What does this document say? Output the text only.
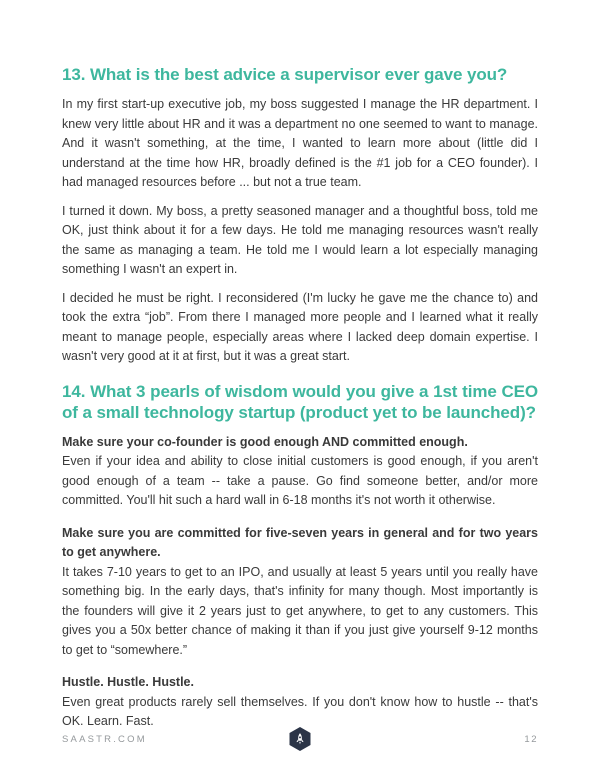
13. What is the best advice a supervisor ever gave you?

In my first start-up executive job, my boss suggested I manage the HR department. I knew very little about HR and it was a department no one seemed to want to manage. And it wasn't something, at the time, I wanted to learn more about (little did I understand at the time how HR, broadly defined is the #1 job for a CEO founder). I had managed resources before ... but not a true team.

I turned it down. My boss, a pretty seasoned manager and a thoughtful boss, told me OK, just think about it for a few days. He told me managing resources wasn't really the same as managing a team. He told me I would learn a lot especially managing something I wasn't an expert in.

I decided he must be right. I reconsidered (I'm lucky he gave me the chance to) and took the extra “job”. From there I managed more people and I learned what it really meant to manage people, especially areas where I lacked deep domain expertise. I wasn't very good at it at first, but it was a great start.

14. What 3 pearls of wisdom would you give a 1st time CEO of a small technology startup (product yet to be launched)?
Make sure your co-founder is good enough AND committed enough.
Even if your idea and ability to close initial customers is good enough, if you aren't good enough of a team -- take a pause. Go find someone better, and/or more committed. You'll hit such a hard wall in 6-18 months it's not worth it otherwise.
Make sure you are committed for five-seven years in general and for two years to get anywhere.
It takes 7-10 years to get to an IPO, and usually at least 5 years until you really have something big. In the early days, that's infinity for many though. Most importantly is the founders will give it 2 years just to get anywhere, to get to any customers. This gives you a 50x better chance of making it than if you just give yourself 9-12 months to get to “somewhere.”
Hustle. Hustle. Hustle.
Even great products rarely sell themselves. If you don't know how to hustle -- that's OK. Learn. Fast.
SAASTR.COM	12
